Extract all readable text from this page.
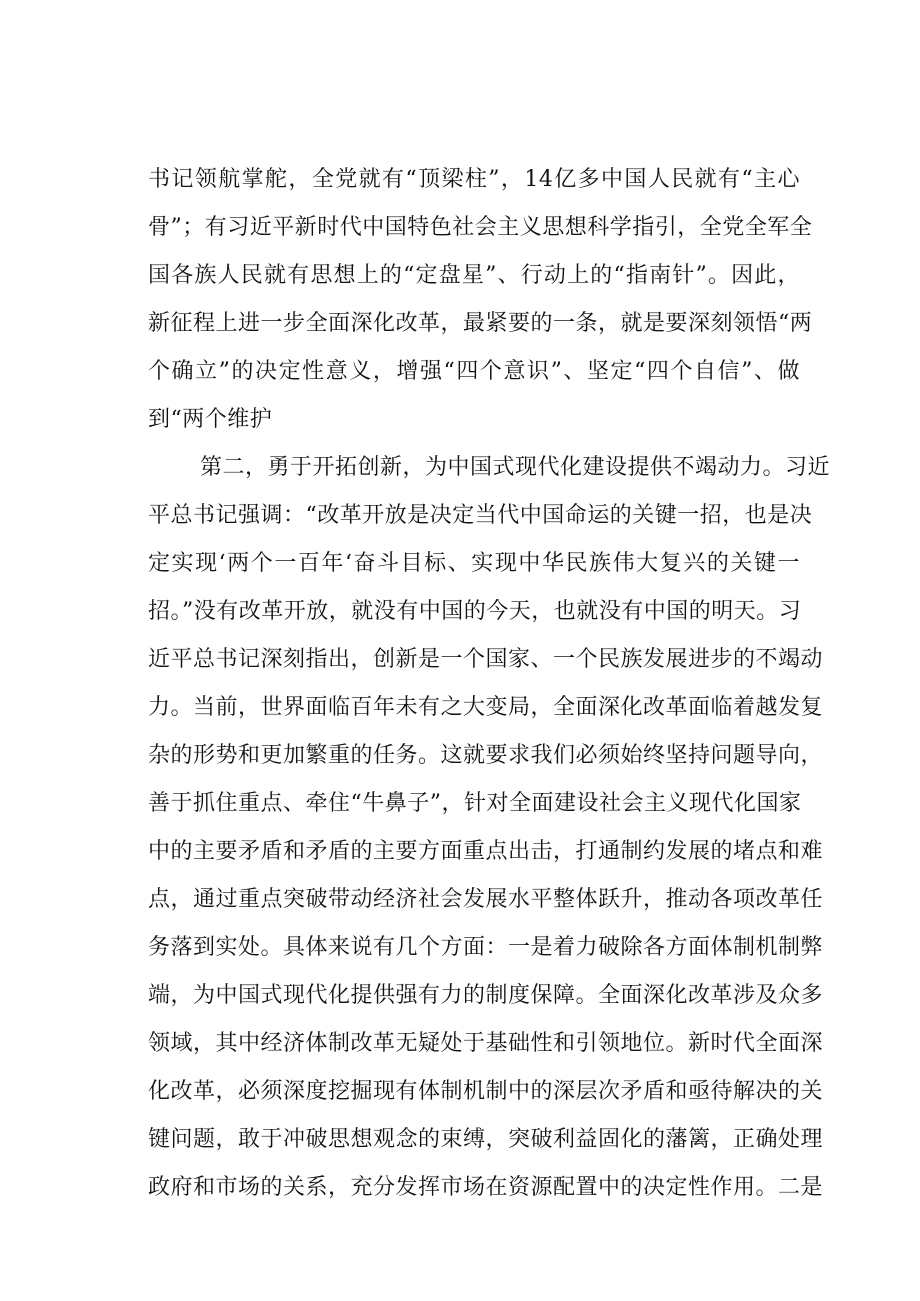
书记领航掌舵，全党就有“顶梁柱”，14亿多中国人民就有“主心
骨”；有习近平新时代中国特色社会主义思想科学指引，全党全军全
国各族人民就有思想上的“定盘星”、行动上的“指南针”。因此，
新征程上进一步全面深化改革，最紧要的一条，就是要深刻领悟“两
个确立”的决定性意义，增强“四个意识”、坚定“四个自信”、做
到“两个维护
第二，勇于开拓创新，为中国式现代化建设提供不竭动力。习近
平总书记强调：“改革开放是决定当代中国命运的关键一招，也是决
定实现‘两个一百年‘奋斗目标、实现中华民族伟大复兴的关键一
招。”没有改革开放，就没有中国的今天，也就没有中国的明天。习
近平总书记深刻指出，创新是一个国家、一个民族发展进步的不竭动
力。当前，世界面临百年未有之大变局，全面深化改革面临着越发复
杂的形势和更加繁重的任务。这就要求我们必须始终坚持问题导向，
善于抓住重点、牵住“牛鼻子”，针对全面建设社会主义现代化国家
中的主要矛盾和矛盾的主要方面重点出击，打通制约发展的堵点和难
点，通过重点突破带动经济社会发展水平整体跃升，推动各项改革任
务落到实处。具体来说有几个方面：一是着力破除各方面体制机制弊
端，为中国式现代化提供强有力的制度保障。全面深化改革涉及众多
领域，其中经济体制改革无疑处于基础性和引领地位。新时代全面深
化改革，必须深度挖掘现有体制机制中的深层次矛盾和亟待解决的关
键问题，敢于冲破思想观念的束缚，突破利益固化的藩篱，正确处理
政府和市场的关系，充分发挥市场在资源配置中的决定性作用。二是
